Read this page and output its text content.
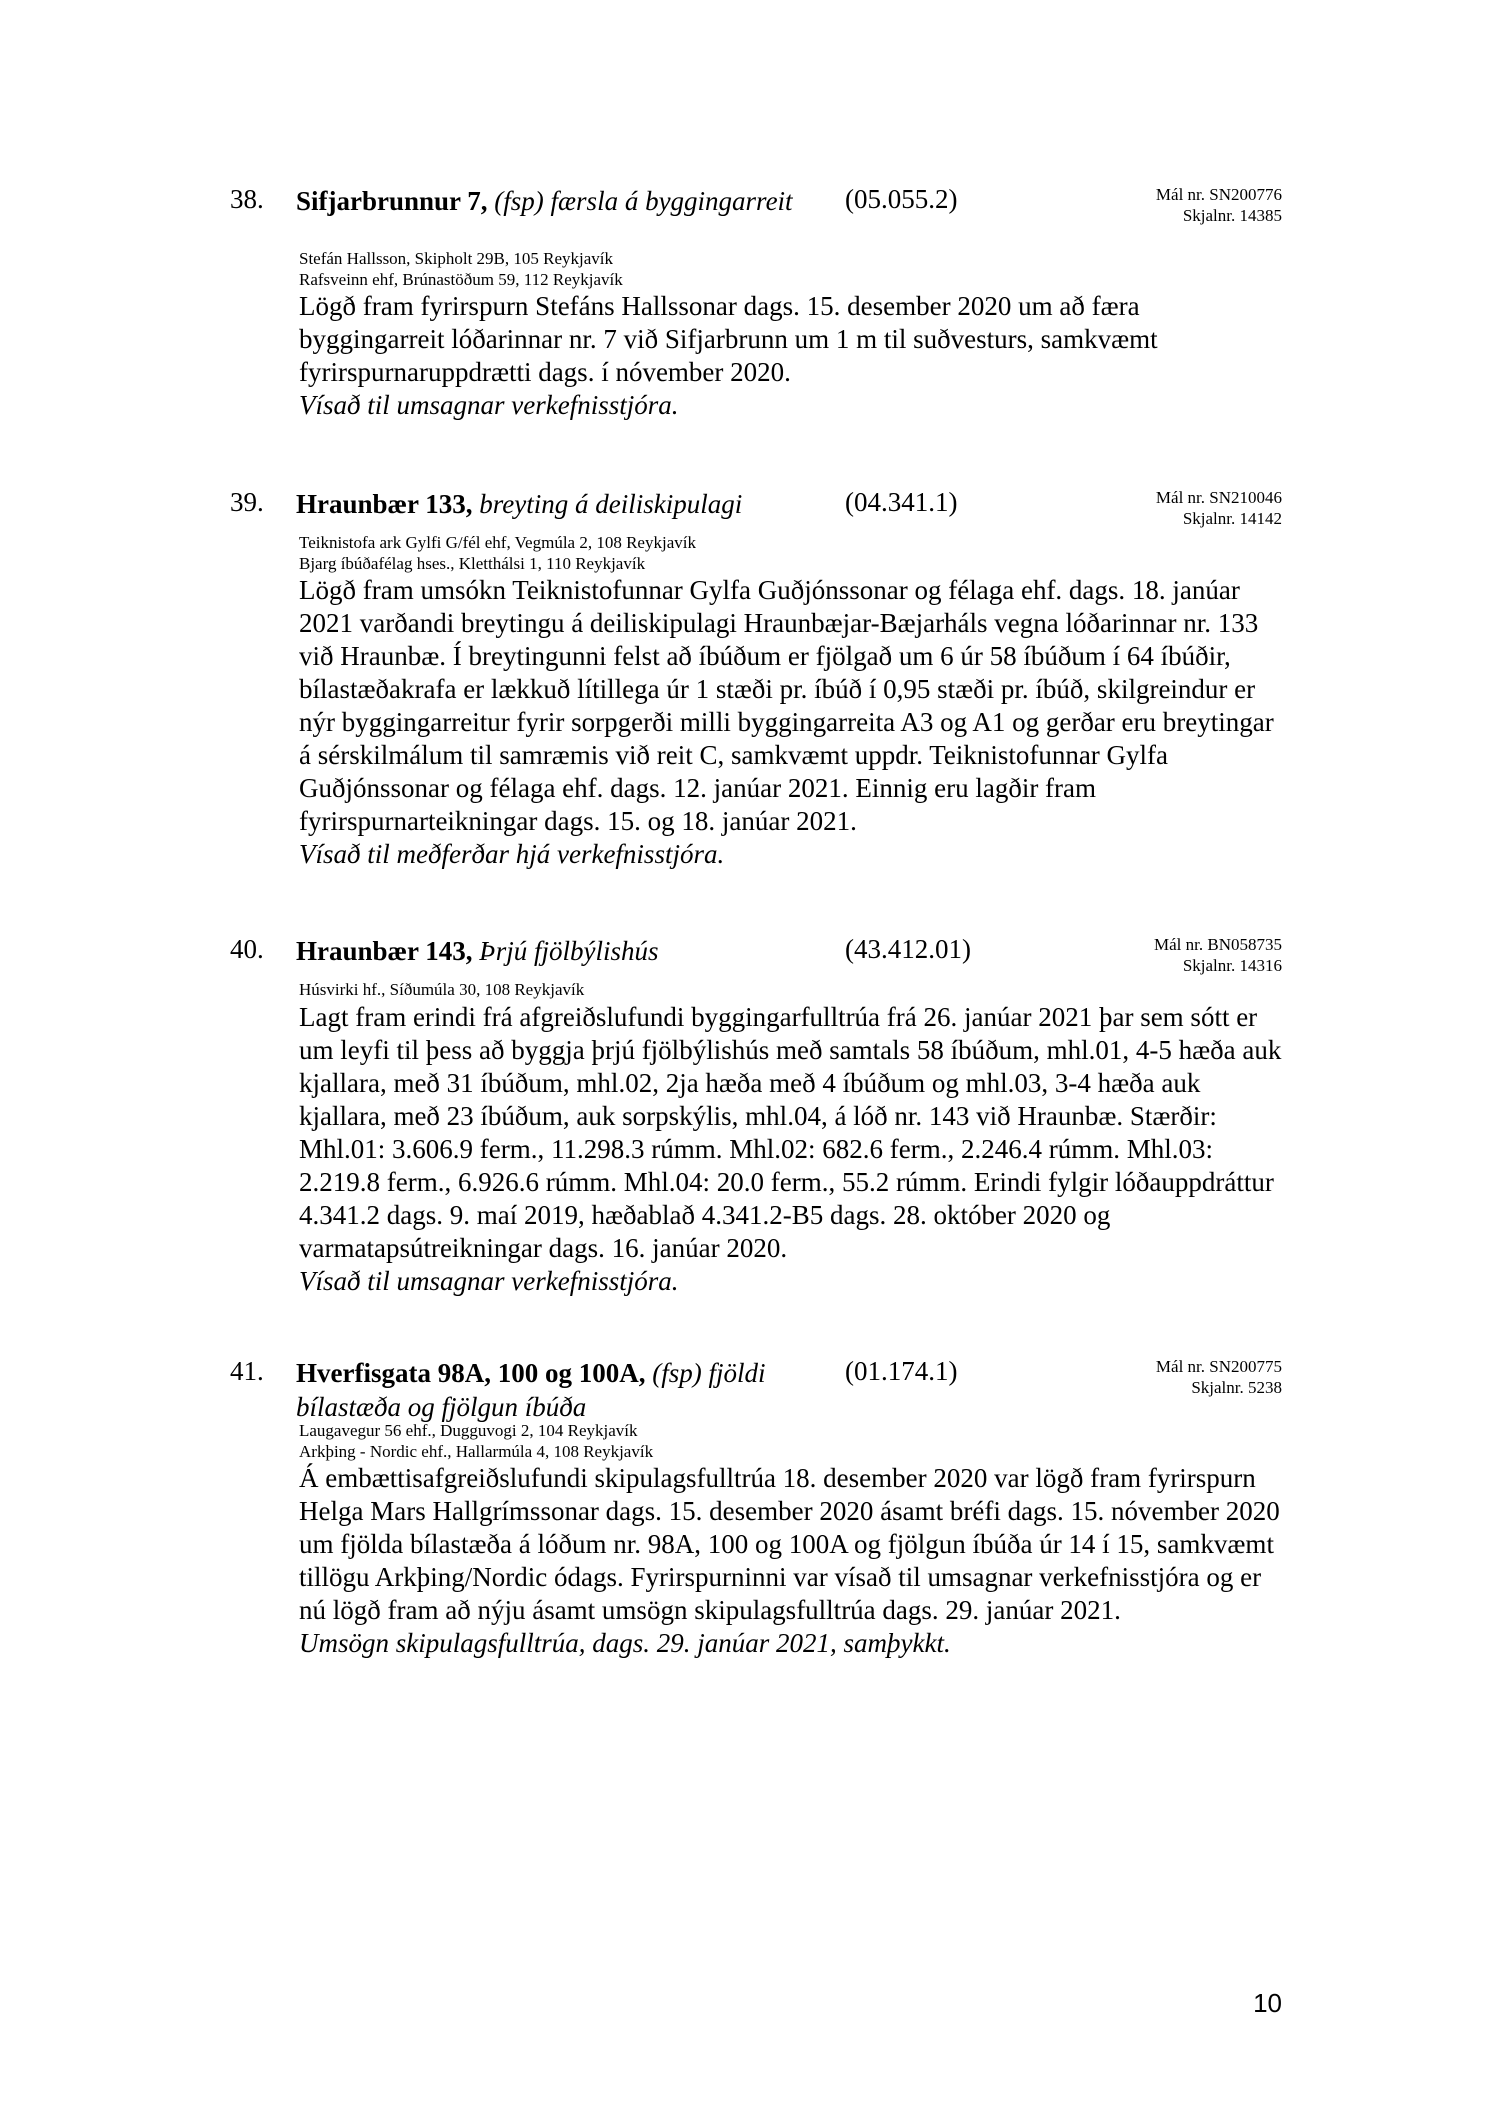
38. Sifjarbrunnur 7, (fsp) færsla á byggingarreit	(05.055.2)	Mál nr. SN200776
Skjalnr. 14385
Stefán Hallsson, Skipholt 29B, 105 Reykjavík
Rafsveinn ehf, Brúnastöðum 59, 112 Reykjavík
Lögð fram fyrirspurn Stefáns Hallssonar dags. 15. desember 2020 um að færa byggingarreit lóðarinnar nr. 7 við Sifjarbrunn um 1 m til suðvesturs, samkvæmt fyrirspurnaruppdrætti dags. í nóvember 2020.
Vísað til umsagnar verkefnisstjóra.
39. Hraunbær 133, breyting á deiliskipulagi	(04.341.1)	Mál nr. SN210046
Skjalnr. 14142
Teiknistofa ark Gylfi G/fél ehf, Vegmúla 2, 108 Reykjavík
Bjarg íbúðafélag hses., Kletthálsi 1, 110 Reykjavík
Lögð fram umsókn Teiknistofunnar Gylfa Guðjónssonar og félaga ehf. dags. 18. janúar 2021 varðandi breytingu á deiliskipulagi Hraunbæjar-Bæjarháls vegna lóðarinnar nr. 133 við Hraunbæ. Í breytingunni felst að íbúðum er fjölgað um 6 úr 58 íbúðum í 64 íbúðir, bílastæðakrafa er lækkuð lítillega úr 1 stæði pr. íbúð í 0,95 stæði pr. íbúð, skilgreindur er nýr byggingarreitur fyrir sorpgerði milli byggingarreita A3 og A1 og gerðar eru breytingar á sérskilmálum til samræmis við reit C, samkvæmt uppdr. Teiknistofunnar Gylfa Guðjónssonar og félaga ehf. dags. 12. janúar 2021. Einnig eru lagðir fram fyrirspurnarteikningar dags. 15. og 18. janúar 2021.
Vísað til meðferðar hjá verkefnisstjóra.
40. Hraunbær 143, Þrjú fjölbýlishús	(43.412.01)	Mál nr. BN058735
Skjalnr. 14316
Húsvirki hf., Síðumúla 30, 108 Reykjavík
Lagt fram erindi frá afgreiðslufundi byggingarfulltrúa frá 26. janúar 2021 þar sem sótt er um leyfi til þess að byggja þrjú fjölbýlishús með samtals 58 íbúðum, mhl.01, 4-5 hæða auk kjallara, með 31 íbúðum, mhl.02, 2ja hæða með 4 íbúðum og mhl.03, 3-4 hæða auk kjallara, með 23 íbúðum, auk sorpskýlis, mhl.04, á lóð nr. 143 við Hraunbæ. Stærðir: Mhl.01: 3.606.9 ferm., 11.298.3 rúmm. Mhl.02: 682.6 ferm., 2.246.4 rúmm. Mhl.03: 2.219.8 ferm., 6.926.6 rúmm. Mhl.04: 20.0 ferm., 55.2 rúmm. Erindi fylgir lóðauppdráttur 4.341.2 dags. 9. maí 2019, hæðablað 4.341.2-B5 dags. 28. október 2020 og varmatapsútreikningar dags. 16. janúar 2020.
Vísað til umsagnar verkefnisstjóra.
41. Hverfisgata 98A, 100 og 100A, (fsp) fjöldi bílastæða og fjölgun íbúða
(01.174.1)	Mál nr. SN200775
Skjalnr. 5238
Laugavegur 56 ehf., Dugguvogi 2, 104 Reykjavík
Arkþing - Nordic ehf., Hallarmúla 4, 108 Reykjavík
Á embættisafgreiðslufundi skipulagsfulltrúa 18. desember 2020 var lögð fram fyrirspurn Helga Mars Hallgrímssonar dags. 15. desember 2020 ásamt bréfi dags. 15. nóvember 2020 um fjölda bílastæða á lóðum nr. 98A, 100 og 100A og fjölgun íbúða úr 14 í 15, samkvæmt tillögu Arkþing/Nordic ódags. Fyrirspurninni var vísað til umsagnar verkefnisstjóra og er nú lögð fram að nýju ásamt umsögn skipulagsfulltrúa dags. 29. janúar 2021.
Umsögn skipulagsfulltrúa, dags. 29. janúar 2021, samþykkt.
10
